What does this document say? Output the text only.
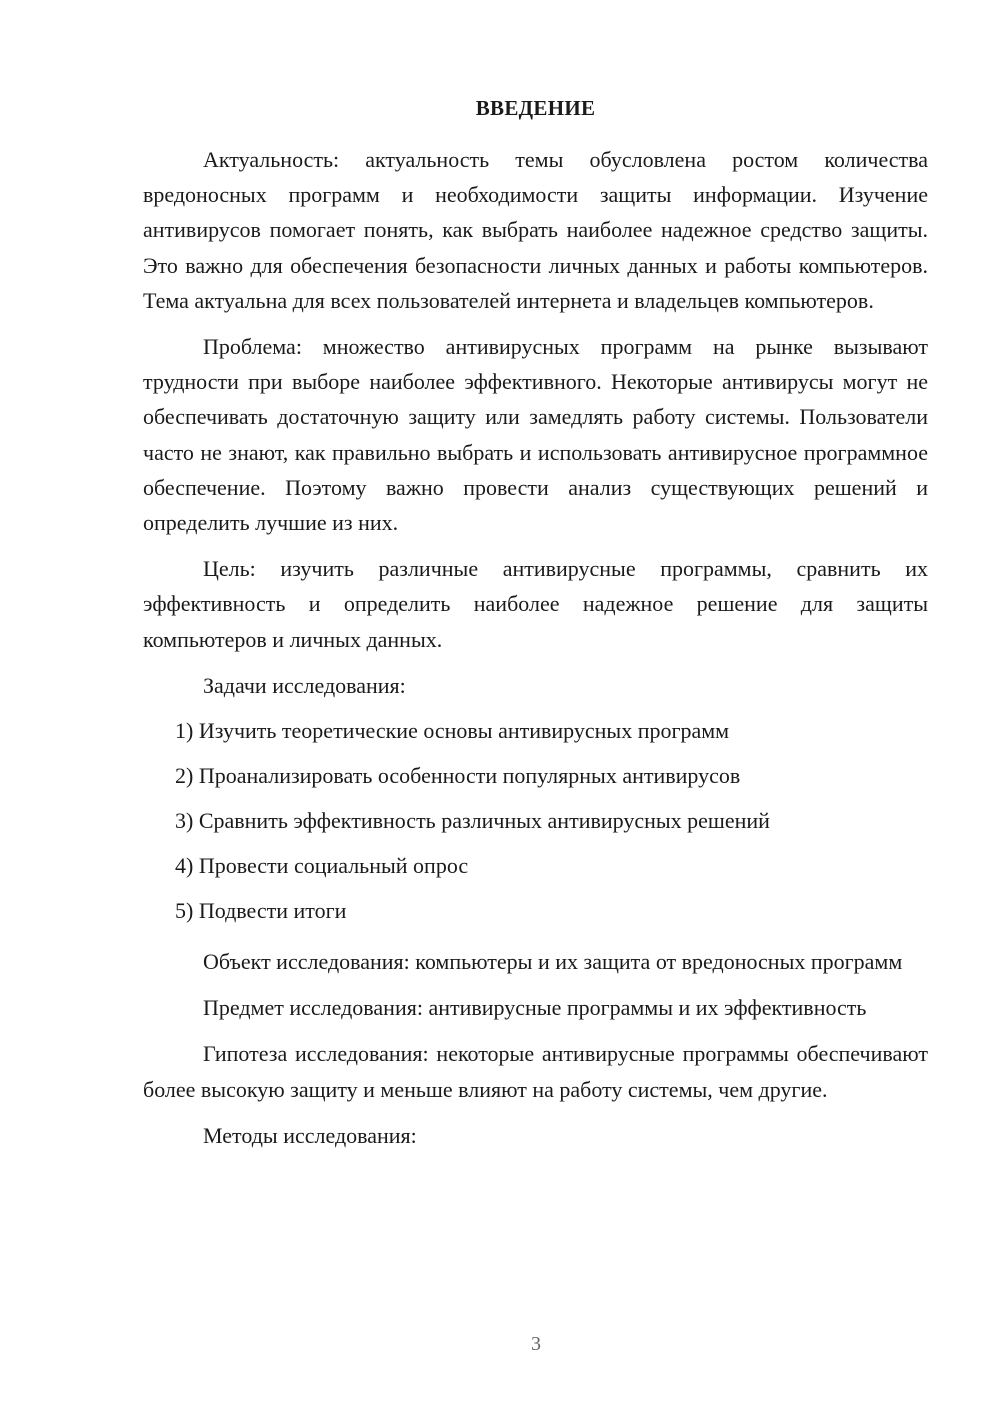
ВВЕДЕНИЕ

Актуальность: актуальность темы обусловлена ростом количества вредоносных программ и необходимости защиты информации. Изучение антивирусов помогает понять, как выбрать наиболее надежное средство защиты. Это важно для обеспечения безопасности личных данных и работы компьютеров. Тема актуальна для всех пользователей интернета и владельцев компьютеров.

Проблема: множество антивирусных программ на рынке вызывают трудности при выборе наиболее эффективного. Некоторые антивирусы могут не обеспечивать достаточную защиту или замедлять работу системы. Пользователи часто не знают, как правильно выбрать и использовать антивирусное программное обеспечение. Поэтому важно провести анализ существующих решений и определить лучшие из них.

Цель: изучить различные антивирусные программы, сравнить их эффективность и определить наиболее надежное решение для защиты компьютеров и личных данных.

Задачи исследования:

1) Изучить теоретические основы антивирусных программ
2) Проанализировать особенности популярных антивирусов
3) Сравнить эффективность различных антивирусных решений
4) Провести социальный опрос
5) Подвести итоги

Объект исследования: компьютеры и их защита от вредоносных программ

Предмет исследования: антивирусные программы и их эффективность

Гипотеза исследования: некоторые антивирусные программы обеспечивают более высокую защиту и меньше влияют на работу системы, чем другие.

Методы исследования:

3
